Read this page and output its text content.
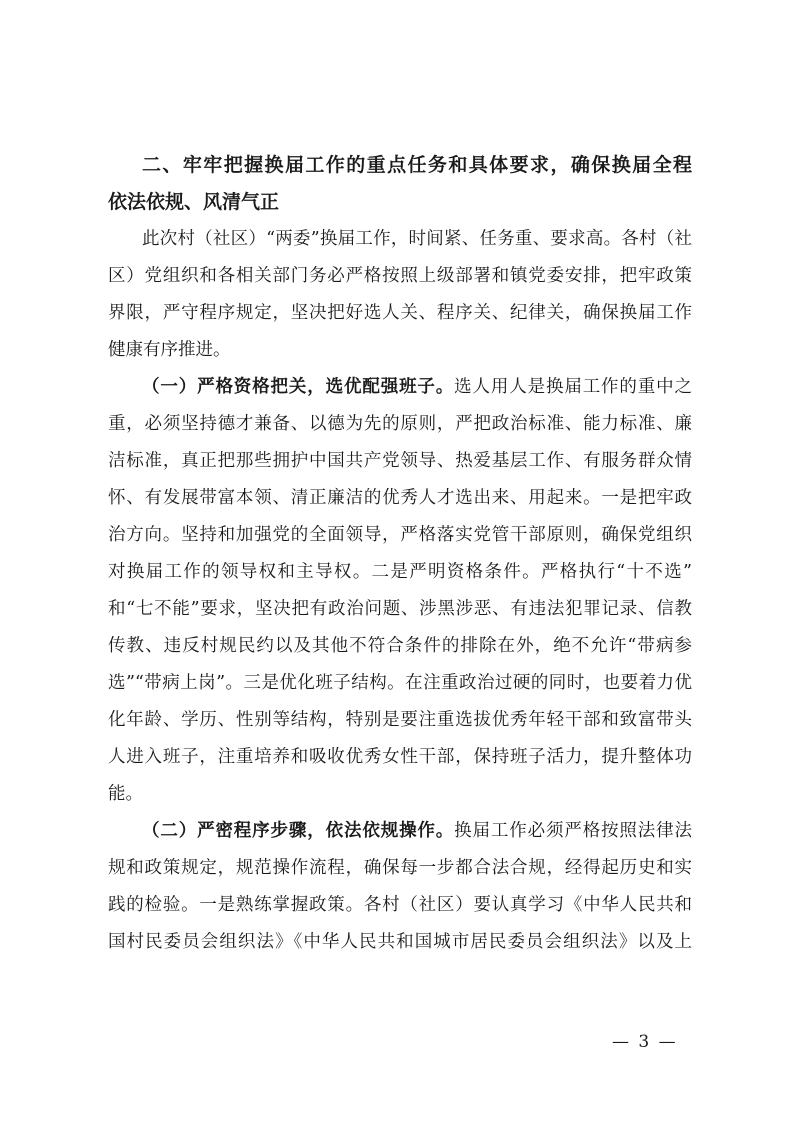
二、牢牢把握换届工作的重点任务和具体要求，确保换届全程
依法依规、风清气正
此次村（社区）“两委”换届工作，时间紧、任务重、要求高。各村（社
区）党组织和各相关部门务必严格按照上级部署和镇党委安排，把牢政策
界限，严守程序规定，坚决把好选人关、程序关、纪律关，确保换届工作
健康有序推进。
（一）严格资格把关，选优配强班子。选人用人是换届工作的重中之
重，必须坚持德才兼备、以德为先的原则，严把政治标准、能力标准、廉
洁标准，真正把那些拥护中国共产党领导、热爱基层工作、有服务群众情
怀、有发展带富本领、清正廉洁的优秀人才选出来、用起来。一是把牢政
治方向。坚持和加强党的全面领导，严格落实党管干部原则，确保党组织
对换届工作的领导权和主导权。二是严明资格条件。严格执行“十不选”
和“七不能”要求，坚决把有政治问题、涉黑涉恶、有违法犯罪记录、信教
传教、违反村规民约以及其他不符合条件的排除在外，绝不允许“带病参
选”“带病上岗”。三是优化班子结构。在注重政治过硬的同时，也要着力优
化年龄、学历、性别等结构，特别是要注重选拔优秀年轻干部和致富带头
人进入班子，注重培养和吸收优秀女性干部，保持班子活力，提升整体功
能。
（二）严密程序步骤，依法依规操作。换届工作必须严格按照法律法
规和政策规定，规范操作流程，确保每一步都合法合规，经得起历史和实
践的检验。一是熟练掌握政策。各村（社区）要认真学习《中华人民共和
国村民委员会组织法》《中华人民共和国城市居民委员会组织法》以及上
— 3 —
